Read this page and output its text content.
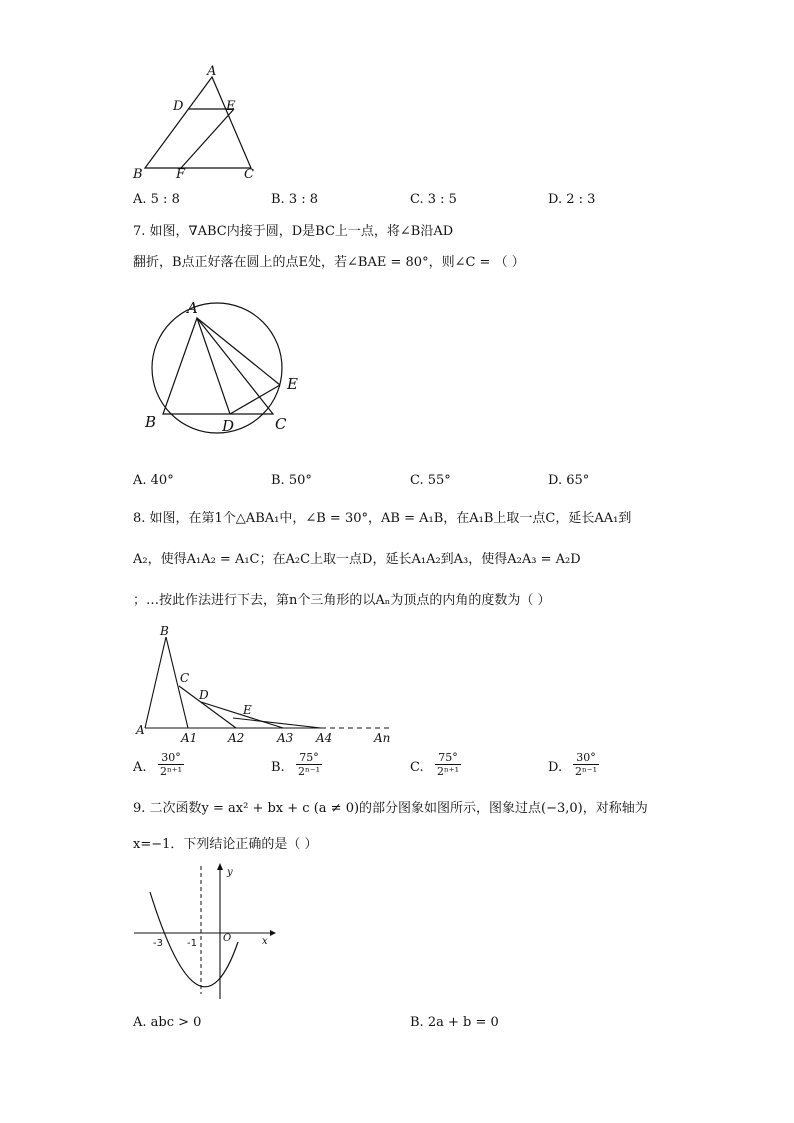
A
D	E
B	F	C
A. 5 : 8	B. 3 : 8	C. 3 : 5	D. 2 : 3
7. 如图，∇ABC内接于圆，D是BC上一点，将∠B沿AD
翻折，B点正好落在圆上的点E处，若∠BAE = 80°，则∠C = （ ）
A
E
B	D	C
A. 40°	B. 50°	C. 55°	D. 65°
8. 如图，在第1个△ABA₁中，∠B = 30°，AB = A₁B，在A₁B上取一点C，延长AA₁到
A₂，使得A₁A₂ = A₁C；在A₂C上取一点D，延长A₁A₂到A₃，使得A₂A₃ = A₂D
；…按此作法进行下去，第n个三角形的以Aₙ为顶点的内角的度数为（ ）
B
C
D
E
A
A1	A2	A3 A4	An
A. $\frac{30^\circ}{\text{2ⁿ⁺¹}}$	B. $\frac{75^\circ}{\text{2ⁿ⁻¹}}$	C. $\frac{75^\circ}{\text{2ⁿ⁺¹}}$	D. $\frac{30^\circ}{\text{2ⁿ⁻¹}}$
9. 二次函数y = ax² + bx + c (a ≠ 0)的部分图象如图所示，图象过点(−3,0)，对称轴为
x=−1．下列结论正确的是（ ）
y
x
O
-3 -1
A. abc > 0	B. 2a + b = 0
